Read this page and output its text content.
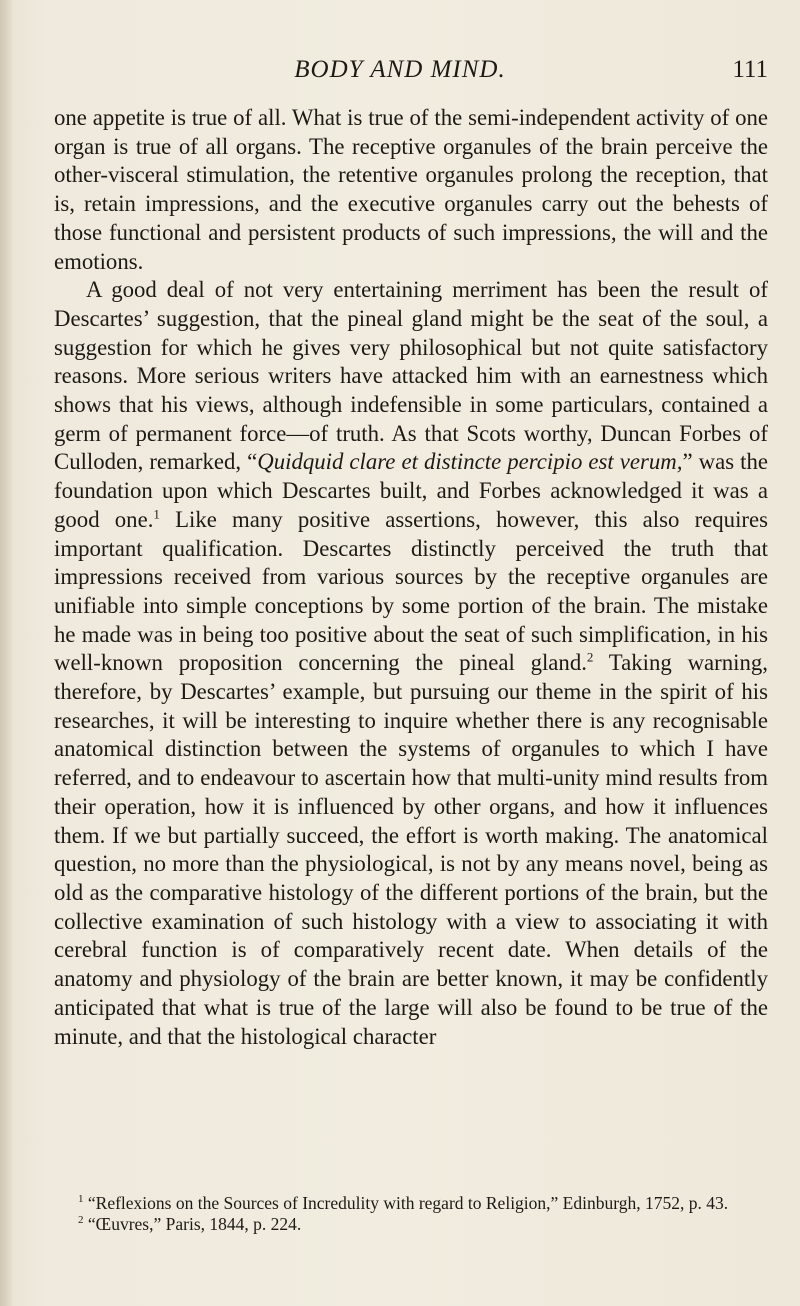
BODY AND MIND.	111

one appetite is true of all. What is true of the semi-independent activity of one organ is true of all organs. The receptive organules of the brain perceive the other-visceral stimulation, the retentive organules prolong the reception, that is, retain impressions, and the executive organules carry out the behests of those functional and persistent products of such impressions, the will and the emotions.

A good deal of not very entertaining merriment has been the result of Descartes’ suggestion, that the pineal gland might be the seat of the soul, a suggestion for which he gives very philosophical but not quite satisfactory reasons. More serious writers have attacked him with an earnestness which shows that his views, although indefensible in some particulars, contained a germ of permanent force—of truth. As that Scots worthy, Duncan Forbes of Culloden, remarked, “Quidquid clare et distincte percipio est verum,” was the foundation upon which Descartes built, and Forbes acknowledged it was a good one.$^1$ Like many positive assertions, however, this also requires important qualification. Descartes distinctly perceived the truth that impressions received from various sources by the receptive organules are unifiable into simple conceptions by some portion of the brain. The mistake he made was in being too positive about the seat of such simplification, in his well-known proposition concerning the pineal gland.$^2$ Taking warning, therefore, by Descartes’ example, but pursuing our theme in the spirit of his researches, it will be interesting to inquire whether there is any recognisable anatomical distinction between the systems of organules to which I have referred, and to endeavour to ascertain how that multi-unity mind results from their operation, how it is influenced by other organs, and how it influences them. If we but partially succeed, the effort is worth making. The anatomical question, no more than the physiological, is not by any means novel, being as old as the comparative histology of the different portions of the brain, but the collective examination of such histology with a view to associating it with cerebral function is of comparatively recent date. When details of the anatomy and physiology of the brain are better known, it may be confidently anticipated that what is true of the large will also be found to be true of the minute, and that the histological character

$^1$ “Reflexions on the Sources of Incredulity with regard to Religion,” Edinburgh, 1752, p. 43.

$^2$ “Œuvres,” Paris, 1844, p. 224.
